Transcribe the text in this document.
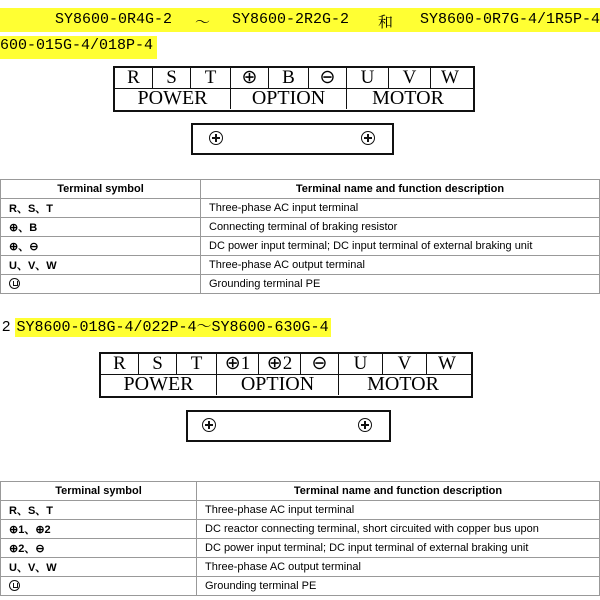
SY8600-0R4G-2 ～ SY8600-2R2G-2 和 SY8600-0R7G-4/1R5P-4
600-015G-4/018P-4
R	S	T	⊕	B	⊖	U	V	W
POWER	OPTION	MOTOR
Terminal symbol	Terminal name and function description
R、S、T	Three-phase AC input terminal
⊕、B	Connecting terminal of braking resistor
⊕、⊖	DC power input terminal; DC input terminal of external braking unit
U、V、W	Three-phase AC output terminal
	Grounding terminal PE
2 SY8600-018G-4/022P-4～SY8600-630G-4
R	S	T	⊕1 ⊕2	⊖	U	V	W
POWER	OPTION	MOTOR
Terminal symbol	Terminal name and function description
R、S、T	Three-phase AC input terminal
⊕1、⊕2	DC reactor connecting terminal, short circuited with copper bus upon
⊕2、⊖	DC power input terminal; DC input terminal of external braking unit
U、V、W	Three-phase AC output terminal
	Grounding terminal PE
